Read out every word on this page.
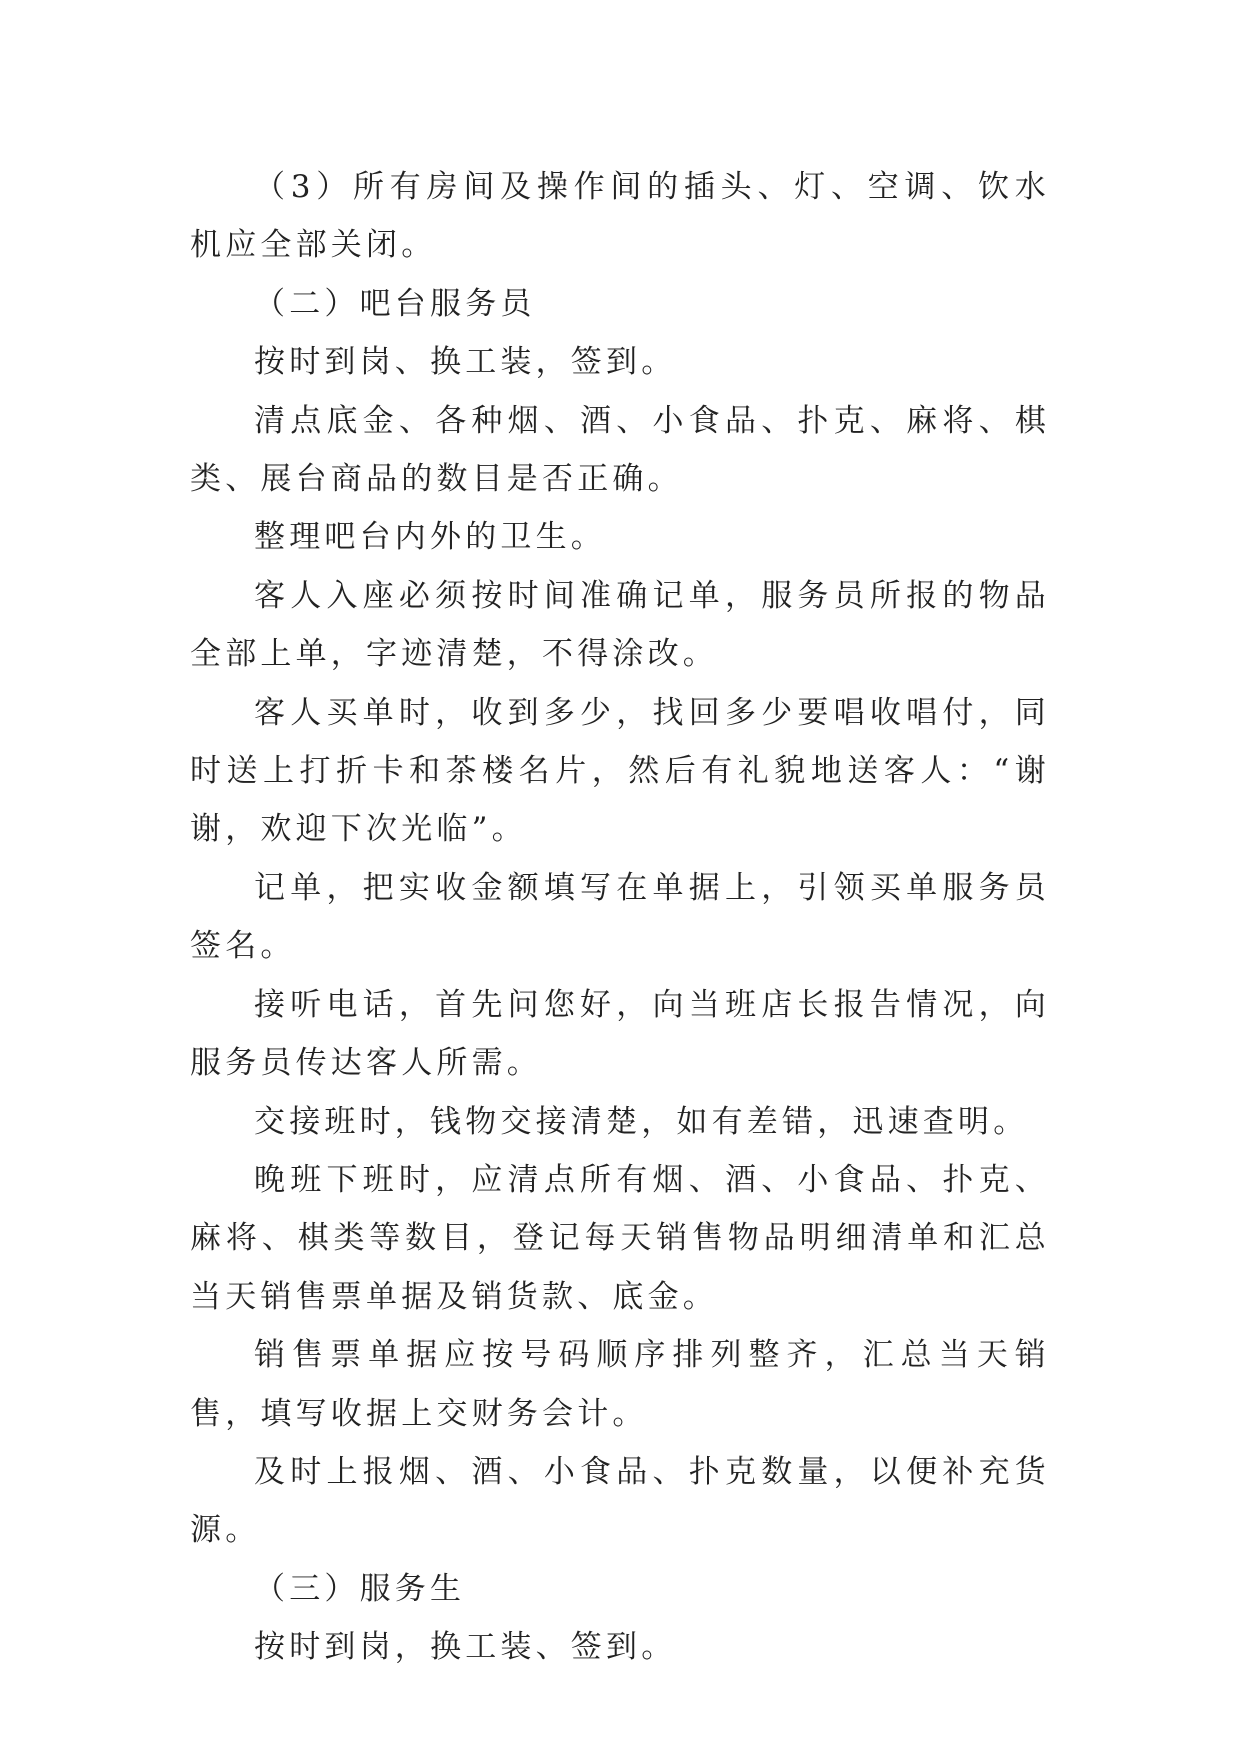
（3）所有房间及操作间的插头、灯、空调、饮水机应全部关闭。

（二）吧台服务员

按时到岗、换工装，签到。

清点底金、各种烟、酒、小食品、扑克、麻将、棋类、展台商品的数目是否正确。

整理吧台内外的卫生。

客人入座必须按时间准确记单，服务员所报的物品全部上单，字迹清楚，不得涂改。

客人买单时，收到多少，找回多少要唱收唱付，同时送上打折卡和茶楼名片，然后有礼貌地送客人：“谢谢，欢迎下次光临”。

记单，把实收金额填写在单据上，引领买单服务员签名。

接听电话，首先问您好，向当班店长报告情况，向服务员传达客人所需。

交接班时，钱物交接清楚，如有差错，迅速查明。

晚班下班时，应清点所有烟、酒、小食品、扑克、麻将、棋类等数目，登记每天销售物品明细清单和汇总当天销售票单据及销货款、底金。

销售票单据应按号码顺序排列整齐，汇总当天销售，填写收据上交财务会计。

及时上报烟、酒、小食品、扑克数量，以便补充货源。

（三）服务生

按时到岗，换工装、签到。
